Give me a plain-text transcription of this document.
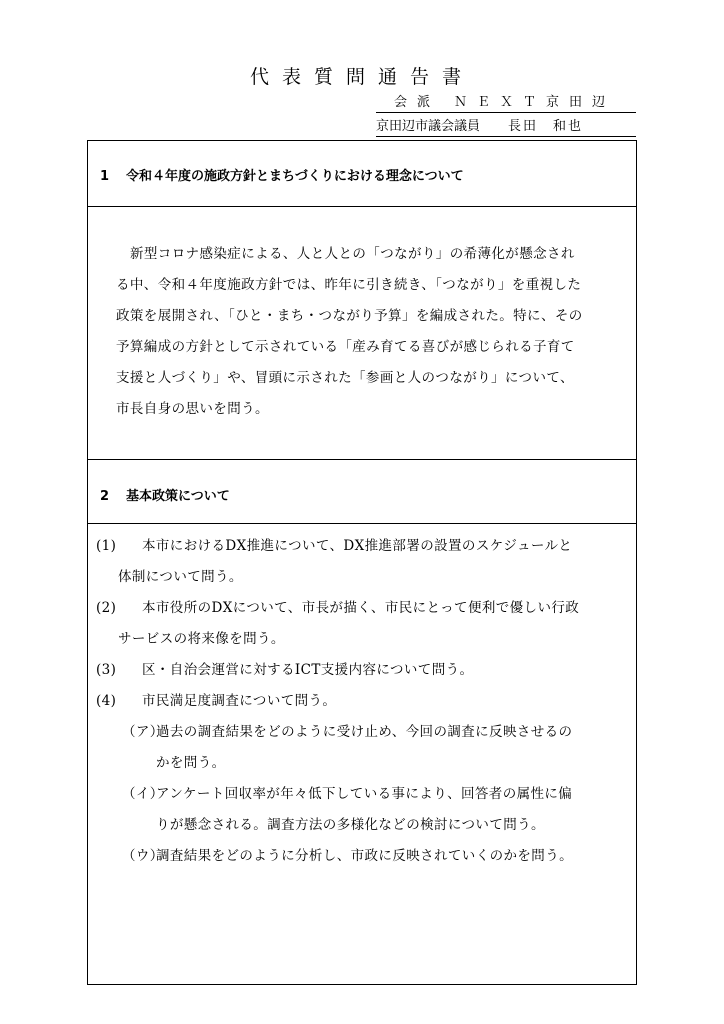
代表質問通告書
会派 ＮＥＸＴ京田辺
京田辺市議会議員 長田　和也
1 令和４年度の施政方針とまちづくりにおける理念について
新型コロナ感染症による、人と人との「つながり」の希薄化が懸念され
る中、令和４年度施政方針では、昨年に引き続き、「つながり」を重視した
政策を展開され、「ひと・まち・つながり予算」を編成された。特に、その
予算編成の方針として示されている「産み育てる喜びが感じられる子育て
支援と人づくり」や、冒頭に示された「参画と人のつながり」について、
市長自身の思いを問う。
2 基本政策について
(1) 本市におけるDX推進について、DX推進部署の設置のスケジュールと
体制について問う。
(2) 本市役所のDXについて、市長が描く、市民にとって便利で優しい行政
サービスの将来像を問う。
(3) 区・自治会運営に対するICT支援内容について問う。
(4) 市民満足度調査について問う。
（ア）過去の調査結果をどのように受け止め、今回の調査に反映させるの
かを問う。
（イ）アンケート回収率が年々低下している事により、回答者の属性に偏
りが懸念される。調査方法の多様化などの検討について問う。
（ウ）調査結果をどのように分析し、市政に反映されていくのかを問う。
